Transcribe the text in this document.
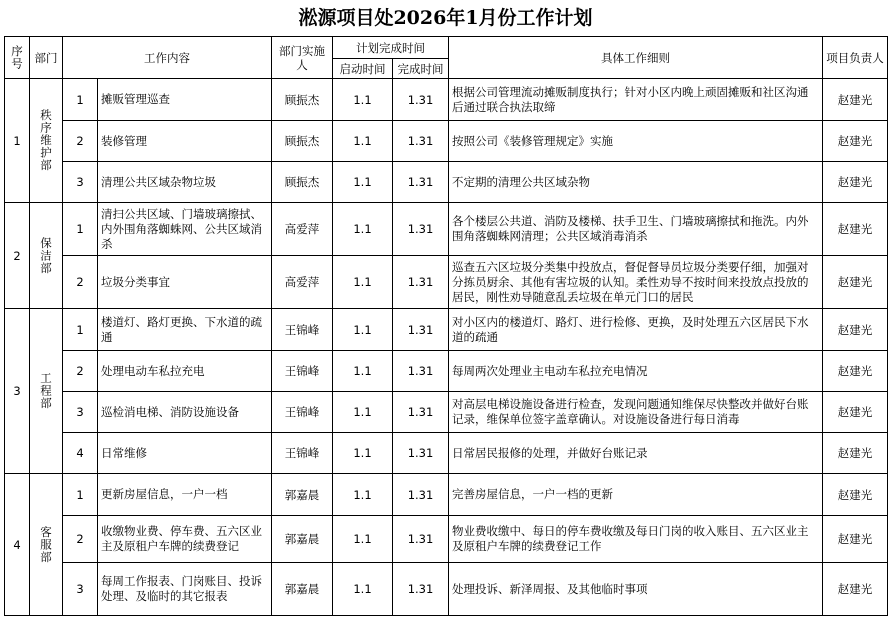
淞源项目处2026年1月份工作计划
序号	部门	工作内容		部门实施人	计划完成时间		具体工作细则	项目负责人
					启动时间	完成时间		
1	秩序维护部	1	摊贩管理巡查	顾振杰	1.1	1.31	根据公司管理流动摊贩制度执行；针对小区内晚上顽固摊贩和社区沟通后通过联合执法取缔	赵建光
		2	装修管理	顾振杰	1.1	1.31	按照公司《装修管理规定》实施	赵建光
		3	清理公共区域杂物垃圾	顾振杰	1.1	1.31	不定期的清理公共区域杂物	赵建光
2	保洁部	1	清扫公共区域、门墙玻璃擦拭、内外围角落蜘蛛网、公共区域消杀	高爱萍	1.1	1.31	各个楼层公共道、消防及楼梯、扶手卫生、门墙玻璃擦拭和拖洗。内外围角落蜘蛛网清理；公共区域消毒消杀	赵建光
		2	垃圾分类事宜	高爱萍	1.1	1.31	巡查五六区垃圾分类集中投放点，督促督导员垃圾分类要仔细，加强对分拣员厨余、其他有害垃圾的认知。柔性劝导不按时间来投放点投放的居民，刚性劝导随意乱丢垃圾在单元门口的居民	赵建光
3	工程部	1	楼道灯、路灯更换、下水道的疏通	王锦峰	1.1	1.31	对小区内的楼道灯、路灯、进行检修、更换，及时处理五六区居民下水道的疏通	赵建光
		2	处理电动车私拉充电	王锦峰	1.1	1.31	每周两次处理业主电动车私拉充电情况	赵建光
		3	巡检消电梯、消防设施设备	王锦峰	1.1	1.31	对高层电梯设施设备进行检查，发现问题通知维保尽快整改并做好台账记录，维保单位签字盖章确认。对设施设备进行每日消毒	赵建光
		4	日常维修	王锦峰	1.1	1.31	日常居民报修的处理，并做好台账记录	赵建光
4	客服部	1	更新房屋信息，一户一档	郭嘉晨	1.1	1.31	完善房屋信息，一户一档的更新	赵建光
		2	收缴物业费、停车费、五六区业主及原租户车牌的续费登记	郭嘉晨	1.1	1.31	物业费收缴中、每日的停车费收缴及每日门岗的收入账目、五六区业主及原租户车牌的续费登记工作	赵建光
		3	每周工作报表、门岗账目、投诉处理、及临时的其它报表	郭嘉晨	1.1	1.31	处理投诉、新泽周报、及其他临时事项	赵建光
